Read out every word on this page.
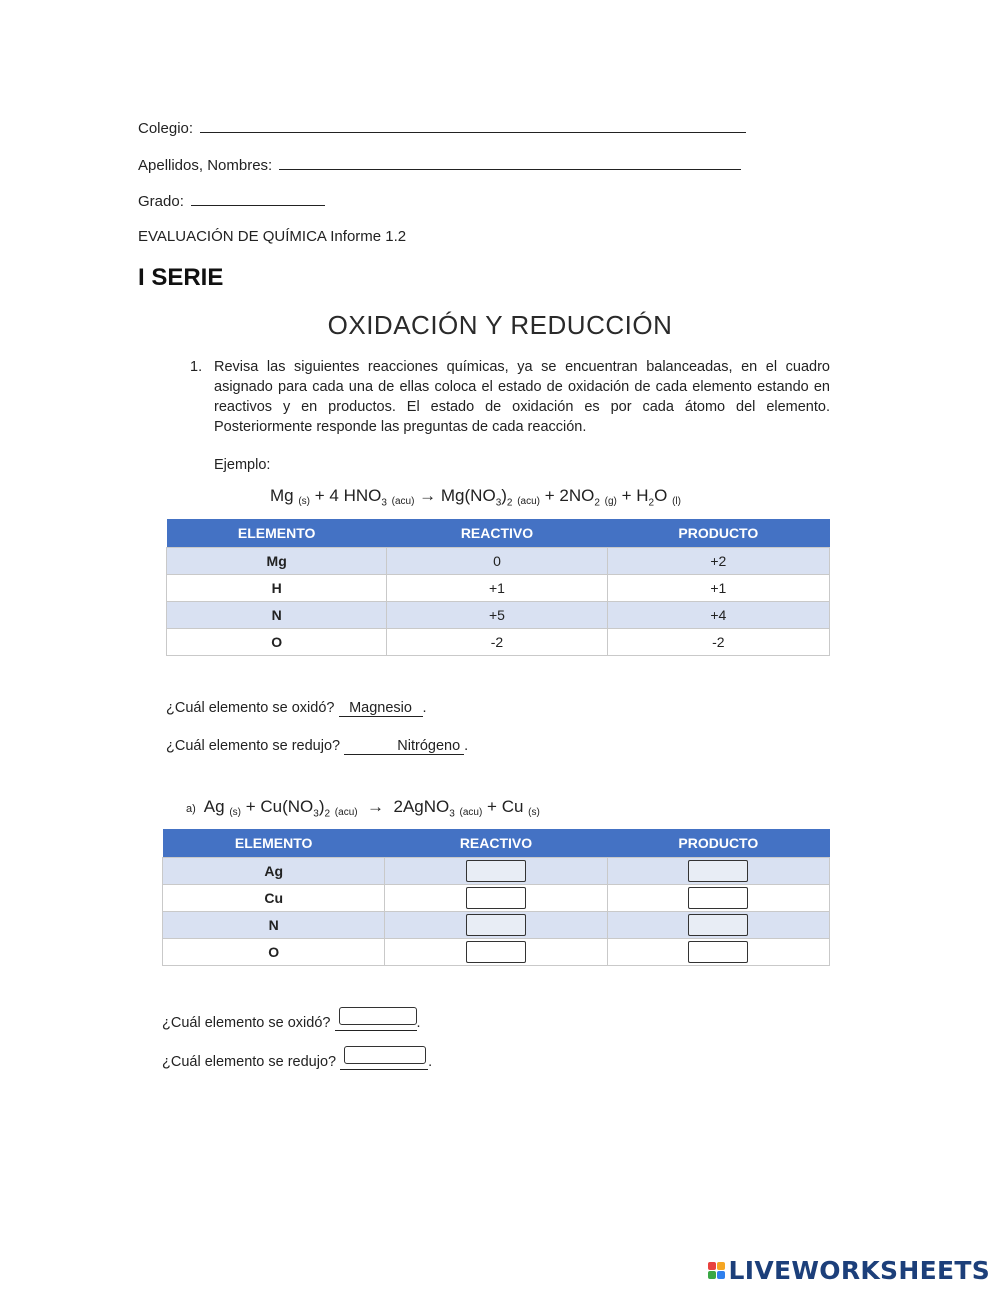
Colegio:
Apellidos, Nombres:
Grado:
EVALUACIÓN DE QUÍMICA Informe 1.2
I SERIE
OXIDACIÓN Y REDUCCIÓN
1. Revisa las siguientes reacciones químicas, ya se encuentran balanceadas, en el cuadro asignado para cada una de ellas coloca el estado de oxidación de cada elemento estando en reactivos y en productos. El estado de oxidación es por cada átomo del elemento. Posteriormente responde las preguntas de cada reacción.
Ejemplo:
Mg (s) + 4 $HNO_3$ $(acu) \to Mg(NO_3)_2$ $(acu) + 2NO_2$ $(g) + H_2O$ (l)
ELEMENTO	REACTIVO	PRODUCTO
Mg	0	+2
H	+1	+1
N	+5	+4
O	-2	-2
¿Cuál elemento se oxidó? Magnesio .
¿Cuál elemento se redujo?	Nitrógeno .
a) Ag $(s) + Cu(NO_3)_2$ (acu)  →  2AgNO$_3$ (acu) + Cu (s)
ELEMENTO	REACTIVO	PRODUCTO
Ag		
Cu		
N		
O		
¿Cuál elemento se oxidó?	.
¿Cuál elemento se redujo?	.
LIVEWORKSHEETS
